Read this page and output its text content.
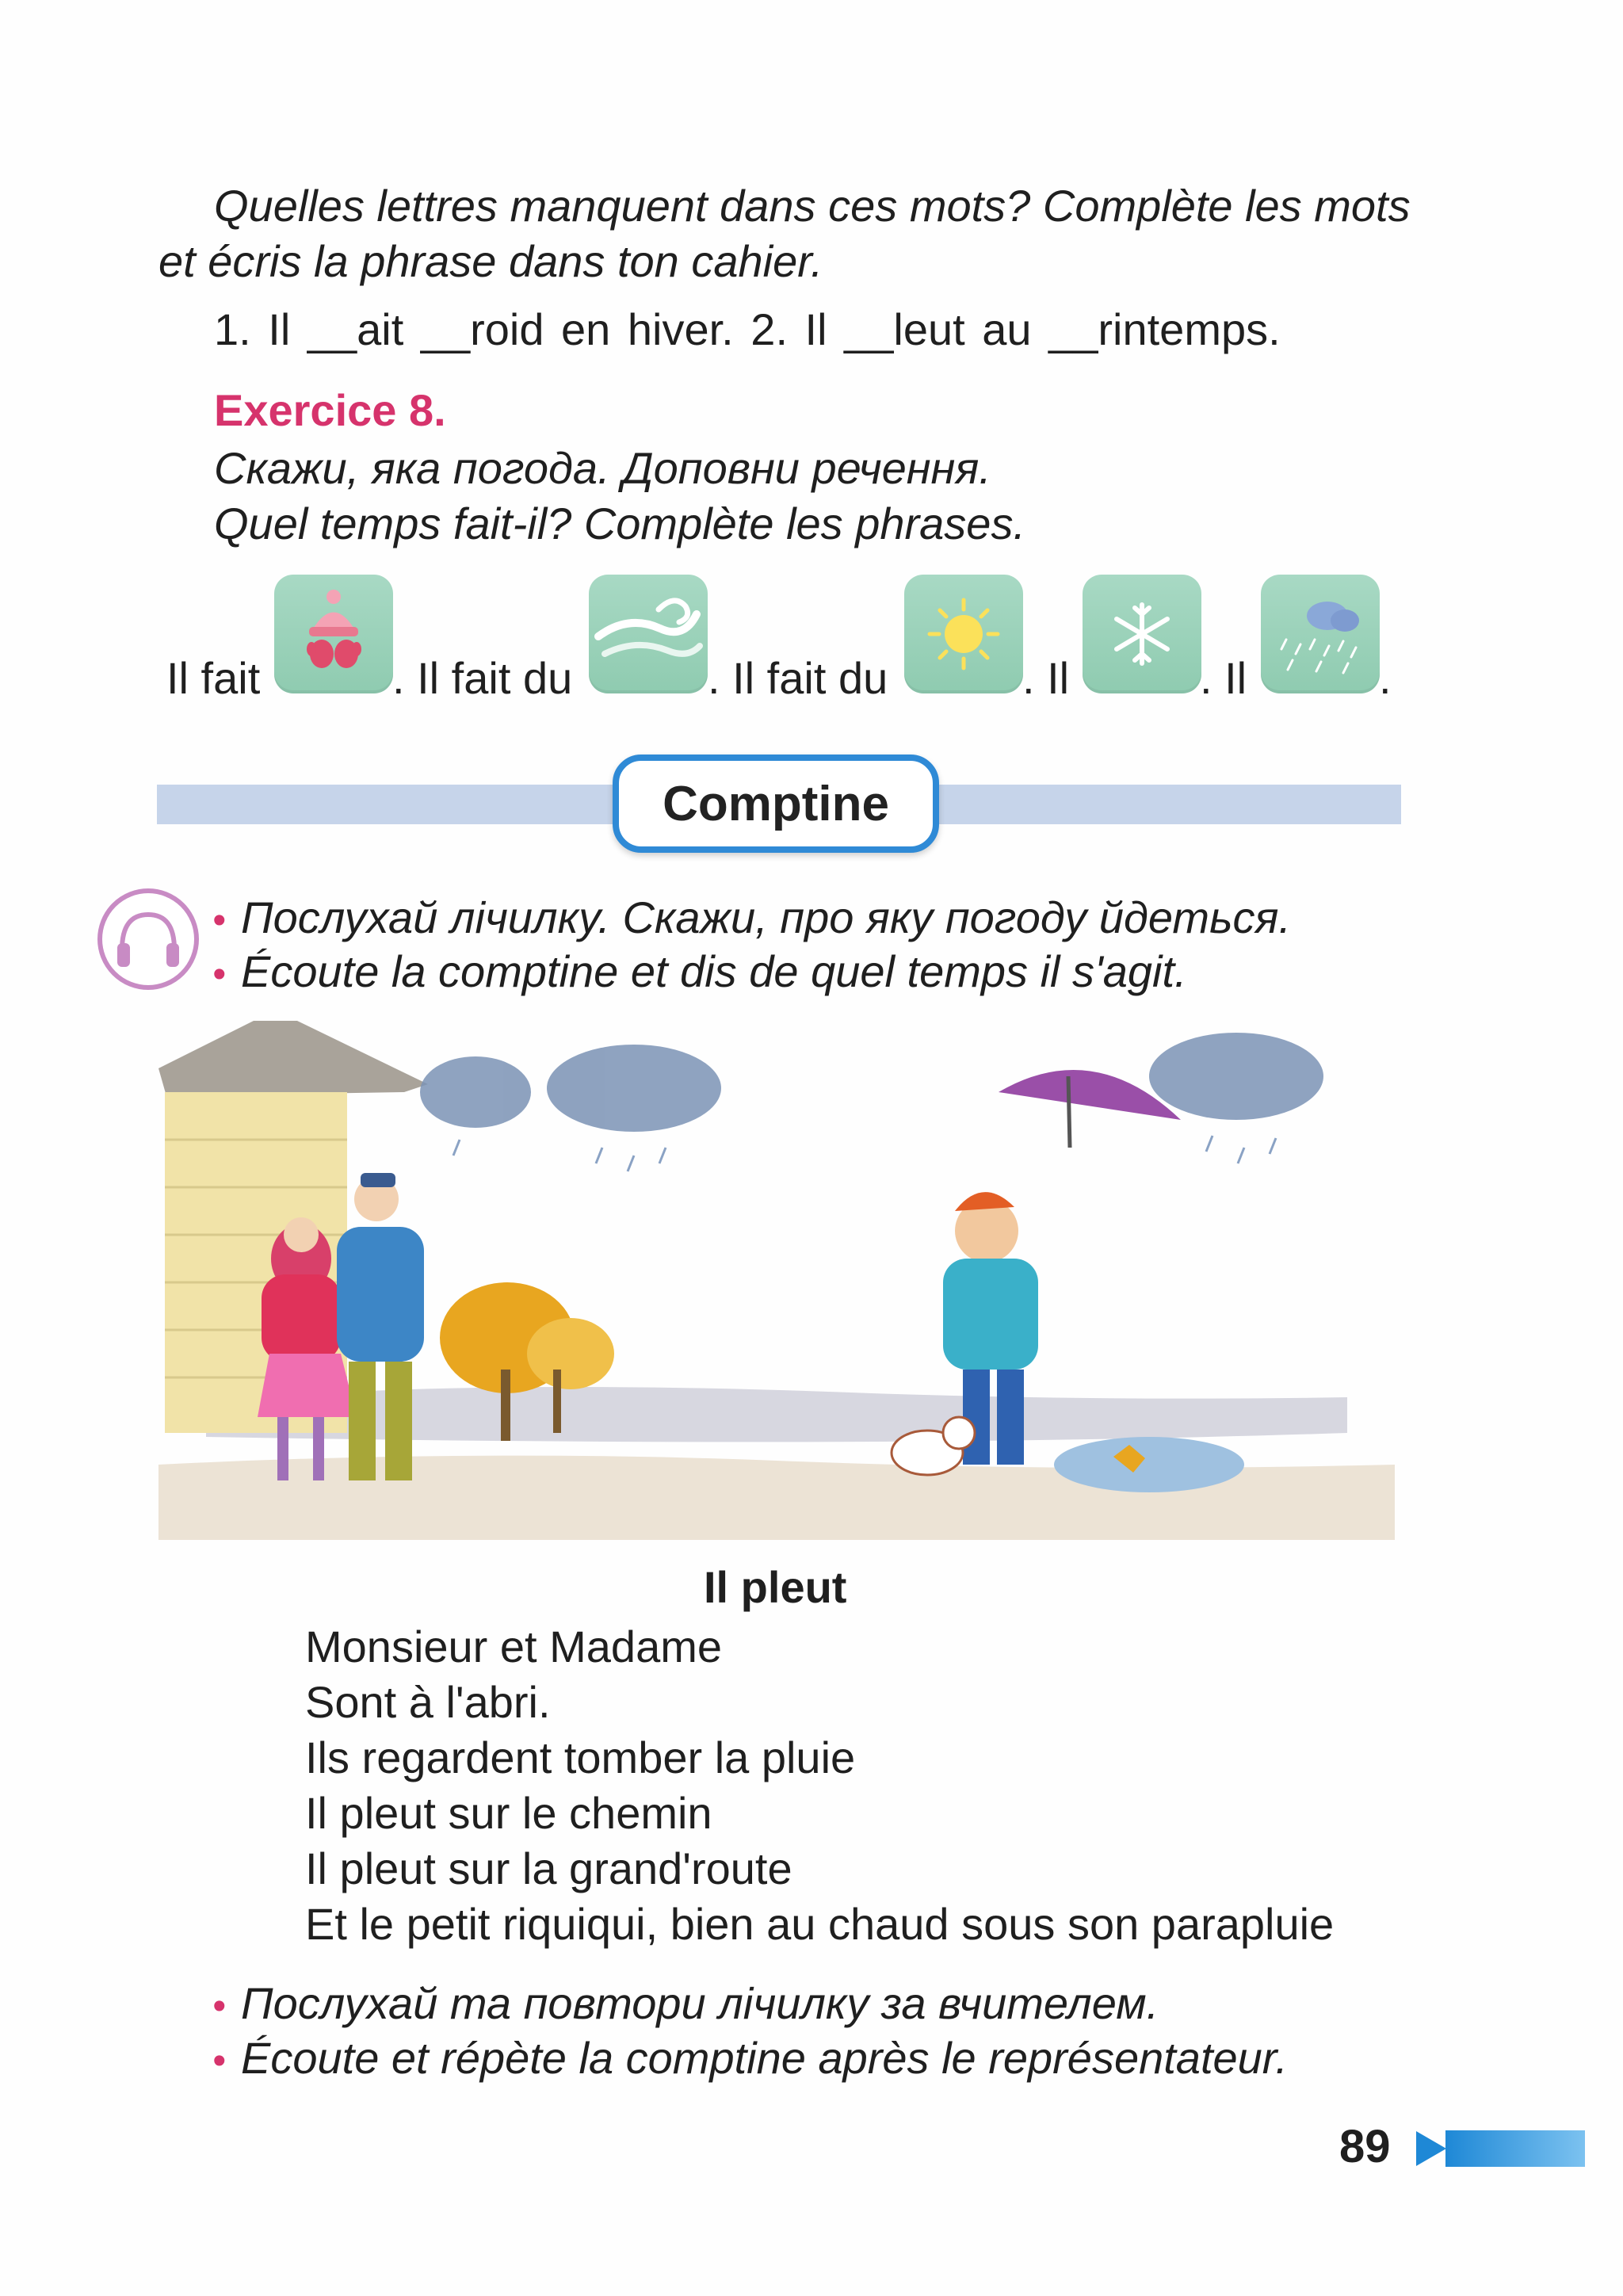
Quelles lettres manquent dans ces mots? Complète les mots
et écris la phrase dans ton cahier.
1. Il __ait __roid en hiver. 2. Il __leut au __rintemps.
Exercice 8.
Скажи, яка погода. Доповни речення.
Quel temps fait-il? Complète les phrases.
Il fait	. Il fait du	. Il fait du	. Il	. Il	.
Comptine
• Послухай лічилку. Скажи, про яку погоду йдеться.
• Écoute la comptine et dis de quel temps il s'agit.
Il pleut
Monsieur et Madame
Sont à l'abri.
Ils regardent tomber la pluie
Il pleut sur le chemin
Il pleut sur la grand'route
Et le petit riquiqui, bien au chaud sous son parapluie
• Послухай та повтори лічилку за вчителем.
• Écoute et répète la comptine après le représentateur.
89
